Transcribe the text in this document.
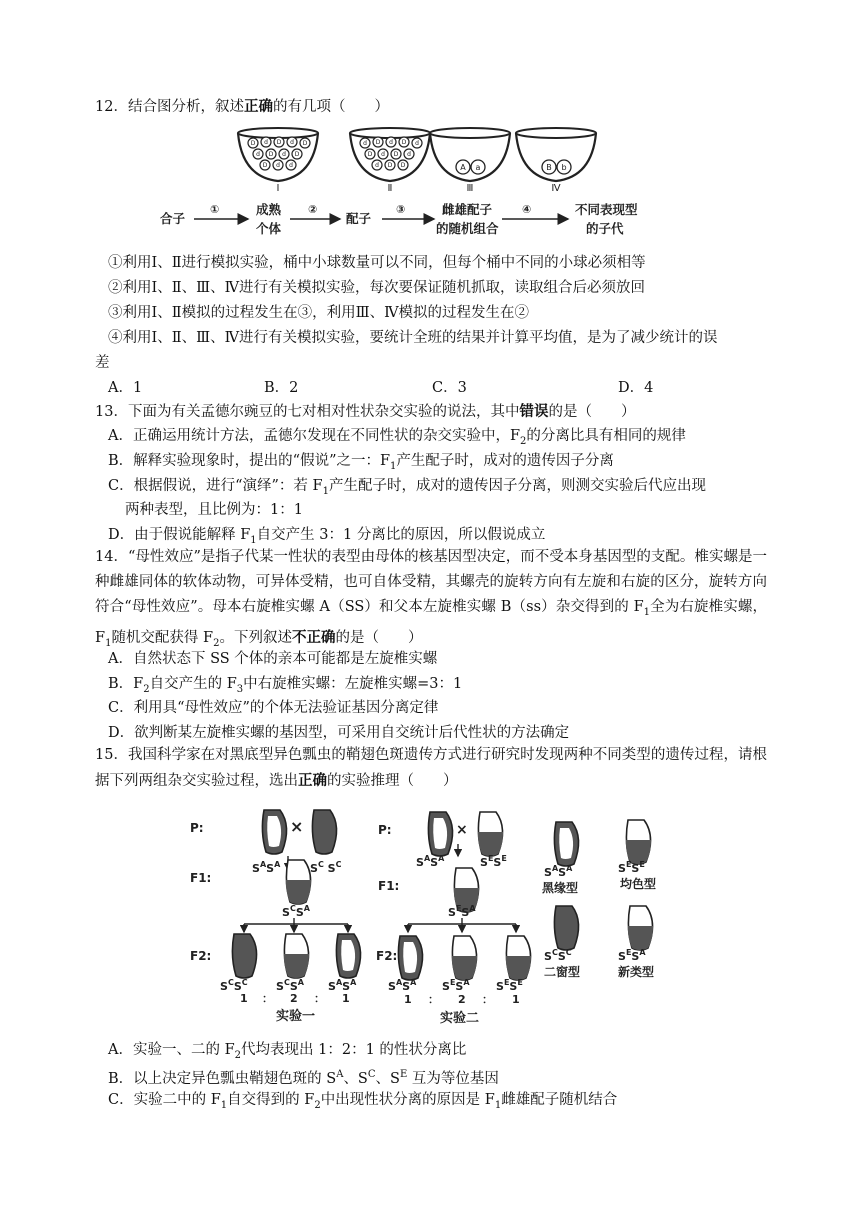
12．结合图分析，叙述正确的有几项（　　）
D d D d D
d D d D
D d d
Ⅰ
d D d D d
D d D d
d D D
Ⅱ
A a
Ⅲ
B b
Ⅳ
合子
①	成熟
个体
②
配子
③	雌雄配子
的随机组合
④	不同表现型
的子代
①利用Ⅰ、Ⅱ进行模拟实验，桶中小球数量可以不同，但每个桶中不同的小球必须相等
②利用Ⅰ、Ⅱ、Ⅲ、Ⅳ进行有关模拟实验，每次要保证随机抓取，读取组合后必须放回
③利用Ⅰ、Ⅱ模拟的过程发生在③，利用Ⅲ、Ⅳ模拟的过程发生在②
④利用Ⅰ、Ⅱ、Ⅲ、Ⅳ进行有关模拟实验，要统计全班的结果并计算平均值，是为了减少统计的误
差
A．1	B．2	C．3	D．4
13．下面为有关孟德尔豌豆的七对相对性状杂交实验的说法，其中错误的是（　　）
A．正确运用统计方法，孟德尔发现在不同性状的杂交实验中，$F_2$的分离比具有相同的规律
B．解释实验现象时，提出的“假说”之一：$F_1$产生配子时，成对的遗传因子分离
C．根据假说，进行“演绎”：若 $F_1$产生配子时，成对的遗传因子分离，则测交实验后代应出现
两种表型，且比例为：1：1
D．由于假说能解释 $F_1$自交产生 3：1 分离比的原因，所以假说成立
14．“母性效应”是指子代某一性状的表型由母体的核基因型决定，而不受本身基因型的支配。椎实螺是一种雌雄同体的软体动物，可异体受精，也可自体受精，其螺壳的旋转方向有左旋和右旋的区分，旋转方向符合“母性效应”。母本右旋椎实螺 A（SS）和父本左旋椎实螺 B（ss）杂交得到的 $F_1$全为右旋椎实螺，$F_1$随机交配获得 $F_2$。下列叙述不正确的是（　　）
A．自然状态下 SS 个体的亲本可能都是左旋椎实螺
B．$F_2$自交产生的 $F_3$中右旋椎实螺：左旋椎实螺=3：1
C．利用具“母性效应”的个体无法验证基因分离定律
D．欲判断某左旋椎实螺的基因型，可采用自交统计后代性状的方法确定
15．我国科学家在对黑底型异色瓢虫的鞘翅色斑遗传方式进行研究时发现两种不同类型的遗传过程，请根据下列两组杂交实验过程，选出正确的实验推理（　　）
P:	×
$S^AS^A$	$S^C$ $S^C$
F1:
$S^CS^A$
F2:
$S^CS^C$	$S^CS^A$ $S^AS^A$
1 ： 2 ： 1
实验一
P:	×
$S^AS^A$	$S^ES^E$
F1:
$S^ES^A$
F2:
$S^AS^A$ $S^ES^A$ $S^ES^E$
1 ： 2 ： 1
实验二
$S^AS^A$
黑缘型
$S^ES^E$
均色型
$S^CS^C$
二窗型
$S^ES^A$
新类型
A．实验一、二的 $F_2$代均表现出 1：2：1 的性状分离比
B．以上决定异色瓢虫鞘翅色斑的 $S^A$、$S^C$、$S^E$ 互为等位基因
C．实验二中的 $F_1$自交得到的 $F_2$中出现性状分离的原因是 $F_1$雌雄配子随机结合
